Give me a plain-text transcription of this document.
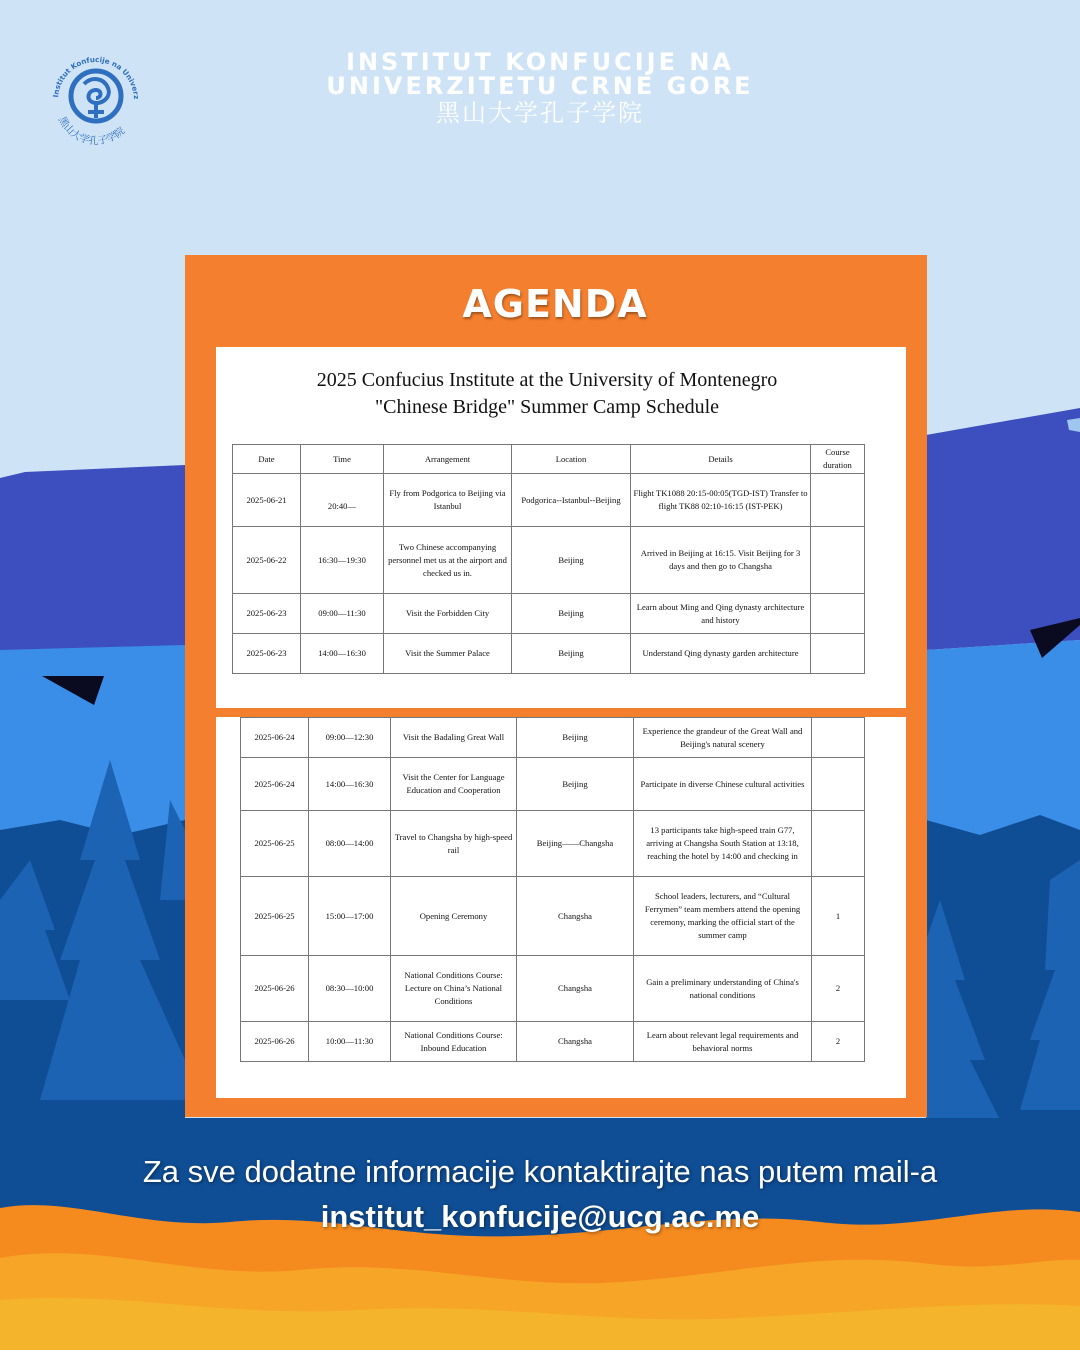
Institut Konfucije na Univerz
黑山大学孔子学院
INSTITUT KONFUCIJE NA
UNIVERZITETU CRNE GORE
黑山大学孔子学院
AGENDA
2025 Confucius Institute at the University of Montenegro
"Chinese Bridge" Summer Camp Schedule
Date	Time	Arrangement	Location	Details	Course duration
2025-06-21	20:40—	Fly from Podgorica to Beijing via Istanbul	Podgorica--Istanbul--Beijing	Flight TK1088 20:15-00:05(TGD-IST) Transfer to flight TK88 02:10-16:15 (IST-PEK)	
2025-06-22	16:30—19:30	Two Chinese accompanying personnel met us at the airport and checked us in.	Beijing	Arrived in Beijing at 16:15. Visit Beijing for 3 days and then go to Changsha	
2025-06-23	09:00—11:30	Visit the Forbidden City	Beijing	Learn about Ming and Qing dynasty architecture and history	
2025-06-23	14:00—16:30	Visit the Summer Palace	Beijing	Understand Qing dynasty garden architecture	
2025-06-24	09:00—12:30	Visit the Badaling Great Wall	Beijing	Experience the grandeur of the Great Wall and Beijing's natural scenery	
2025-06-24	14:00—16:30	Visit the Center for Language Education and Cooperation	Beijing	Participate in diverse Chinese cultural activities	
2025-06-25	08:00—14:00	Travel to Changsha by high-speed rail	Beijing——Changsha	13 participants take high-speed train G77, arriving at Changsha South Station at 13:18, reaching the hotel by 14:00 and checking in	
2025-06-25	15:00—17:00	Opening Ceremony	Changsha	School leaders, lecturers, and “Cultural Ferrymen” team members attend the opening ceremony, marking the official start of the summer camp	1
2025-06-26	08:30—10:00	National Conditions Course: Lecture on China’s National Conditions	Changsha	Gain a preliminary understanding of China's national conditions	2
2025-06-26	10:00—11:30	National Conditions Course: Inbound Education	Changsha	Learn about relevant legal requirements and behavioral norms	2
Za sve dodatne informacije kontaktirajte nas putem mail-a
institut_konfucije@ucg.ac.me
